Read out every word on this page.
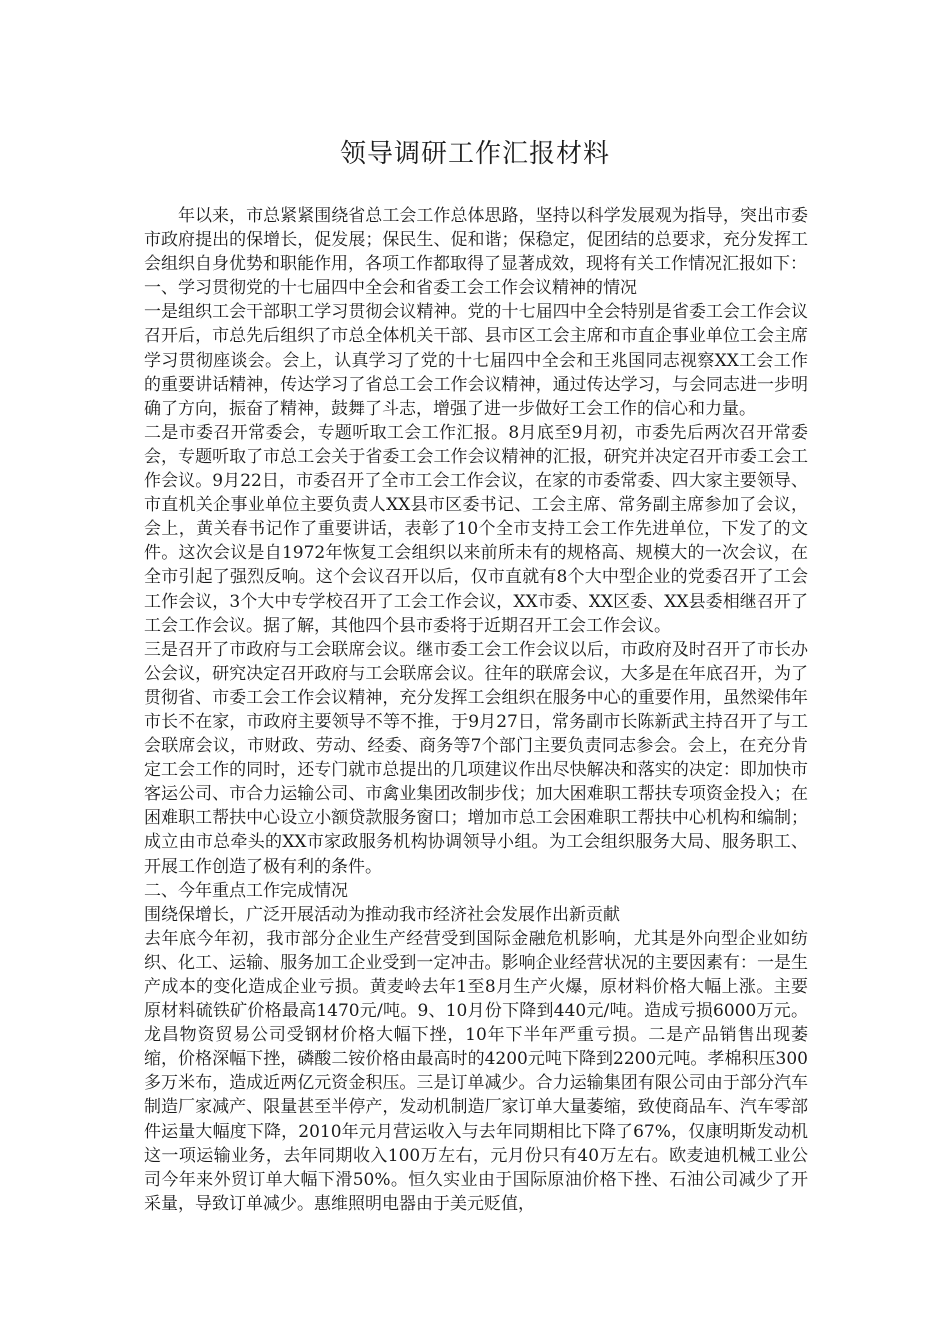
领导调研工作汇报材料

年以来，市总紧紧围绕省总工会工作总体思路，坚持以科学发展观为指导，突出市委市政府提出的保增长，促发展；保民生、促和谐；保稳定，促团结的总要求，充分发挥工会组织自身优势和职能作用，各项工作都取得了显著成效，现将有关工作情况汇报如下：

一、学习贯彻党的十七届四中全会和省委工会工作会议精神的情况

一是组织工会干部职工学习贯彻会议精神。党的十七届四中全会特别是省委工会工作会议召开后，市总先后组织了市总全体机关干部、县市区工会主席和市直企事业单位工会主席学习贯彻座谈会。会上，认真学习了党的十七届四中全会和王兆国同志视察XX工会工作的重要讲话精神，传达学习了省总工会工作会议精神，通过传达学习，与会同志进一步明确了方向，振奋了精神，鼓舞了斗志，增强了进一步做好工会工作的信心和力量。

二是市委召开常委会，专题听取工会工作汇报。8月底至9月初，市委先后两次召开常委会，专题听取了市总工会关于省委工会工作会议精神的汇报，研究并决定召开市委工会工作会议。9月22日，市委召开了全市工会工作会议，在家的市委常委、四大家主要领导、市直机关企事业单位主要负责人XX县市区委书记、工会主席、常务副主席参加了会议，会上，黄关春书记作了重要讲话，表彰了10个全市支持工会工作先进单位，下发了的文件。这次会议是自1972年恢复工会组织以来前所未有的规格高、规模大的一次会议，在全市引起了强烈反响。这个会议召开以后，仅市直就有8个大中型企业的党委召开了工会工作会议，3个大中专学校召开了工会工作会议，XX市委、XX区委、XX县委相继召开了工会工作会议。据了解，其他四个县市委将于近期召开工会工作会议。

三是召开了市政府与工会联席会议。继市委工会工作会议以后，市政府及时召开了市长办公会议，研究决定召开政府与工会联席会议。往年的联席会议，大多是在年底召开，为了贯彻省、市委工会工作会议精神，充分发挥工会组织在服务中心的重要作用，虽然梁伟年市长不在家，市政府主要领导不等不推，于9月27日，常务副市长陈新武主持召开了与工会联席会议，市财政、劳动、经委、商务等7个部门主要负责同志参会。会上，在充分肯定工会工作的同时，还专门就市总提出的几项建议作出尽快解决和落实的决定：即加快市客运公司、市合力运输公司、市禽业集团改制步伐；加大困难职工帮扶专项资金投入；在困难职工帮扶中心设立小额贷款服务窗口；增加市总工会困难职工帮扶中心机构和编制；成立由市总牵头的XX市家政服务机构协调领导小组。为工会组织服务大局、服务职工、开展工作创造了极有利的条件。

二、今年重点工作完成情况

围绕保增长，广泛开展活动为推动我市经济社会发展作出新贡献

去年底今年初，我市部分企业生产经营受到国际金融危机影响，尤其是外向型企业如纺织、化工、运输、服务加工企业受到一定冲击。影响企业经营状况的主要因素有：一是生产成本的变化造成企业亏损。黄麦岭去年1至8月生产火爆，原材料价格大幅上涨。主要原材料硫铁矿价格最高1470元/吨。9、10月份下降到440元/吨。造成亏损6000万元。龙昌物资贸易公司受钢材价格大幅下挫，10年下半年严重亏损。二是产品销售出现萎缩，价格深幅下挫，磷酸二铵价格由最高时的4200元吨下降到2200元吨。孝棉积压300多万米布，造成近两亿元资金积压。三是订单减少。合力运输集团有限公司由于部分汽车制造厂家减产、限量甚至半停产，发动机制造厂家订单大量萎缩，致使商品车、汽车零部件运量大幅度下降，2010年元月营运收入与去年同期相比下降了67%，仅康明斯发动机这一项运输业务，去年同期收入100万左右，元月份只有40万左右。欧麦迪机械工业公司今年来外贸订单大幅下滑50%。恒久实业由于国际原油价格下挫、石油公司减少了开采量，导致订单减少。惠维照明电器由于美元贬值，
